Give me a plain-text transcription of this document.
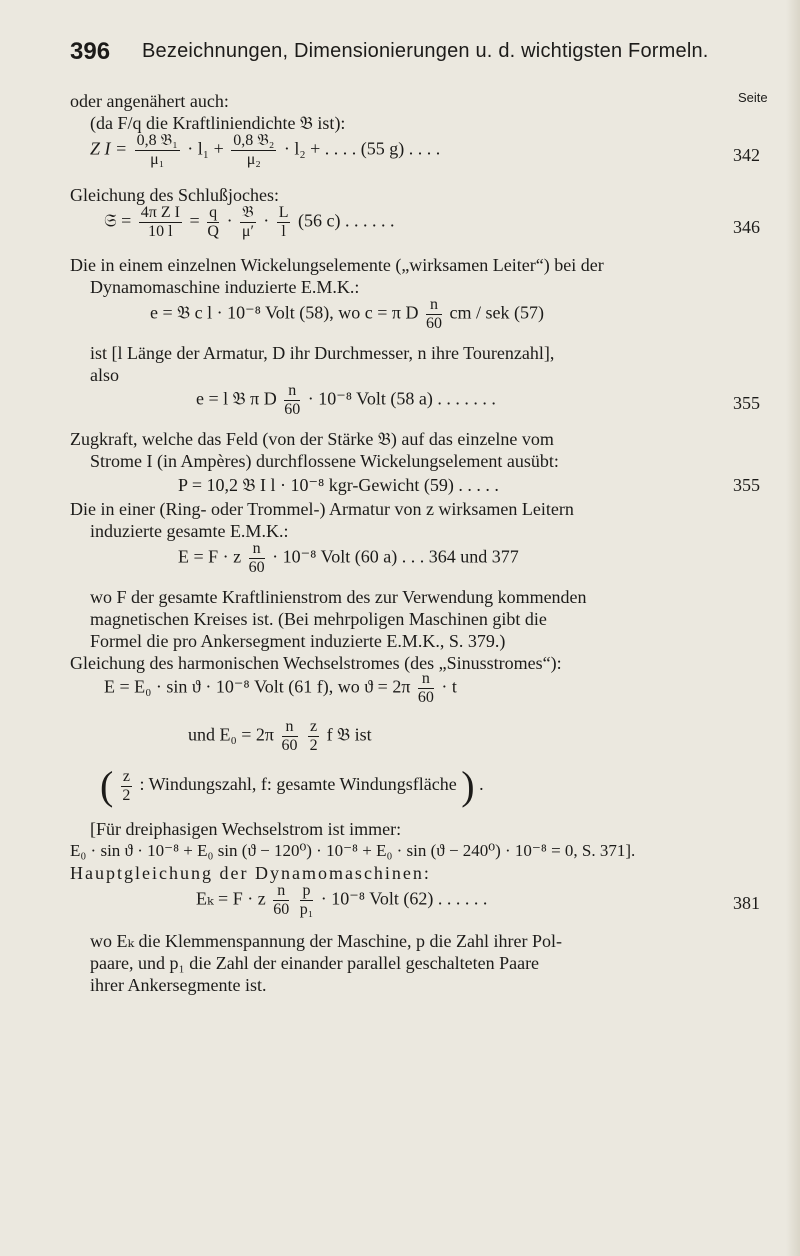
396 Bezeichnungen, Dimensionierungen u. d. wichtigsten Formeln.
Seite
oder angenähert auch:
(da F/q die Kraftliniendichte 𝔅 ist):
Z I = 0,8 𝔅₁
μ₁
· l₁ + 0,8 𝔅₂
μ₂
· l₂ + . . . . (55 g) . . . .	342
Gleichung des Schlußjoches:
𝔖 = $\frac{\text{4π Z I}}{10 l} = \frac{q}{Q}$ · 𝔅
μ′
· $\frac{L}{l} (56$ c) . . . . . .	346
Die in einem einzelnen Wickelungselemente („wirksamen Leiter“) bei der
Dynamomaschine induzierte E.M.K.:
e = 𝔅 c l · 10⁻⁸ Volt (58), wo c = π D $\frac{n}{60}$ cm / sek (57)
ist [l Länge der Armatur, D ihr Durchmesser, n ihre Tourenzahl],
also
e = l 𝔅 π D $\frac{n}{60} \cdot 10^{-8}$ Volt (58 a) . . . . . . .	355
Zugkraft, welche das Feld (von der Stärke 𝔅) auf das einzelne vom
Strome I (in Ampères) durchflossene Wickelungselement ausübt:
P = 10,2 𝔅 I l · 10⁻⁸ kgr-Gewicht (59) . . . . .	355
Die in einer (Ring- oder Trommel-) Armatur von z wirksamen Leitern
induzierte gesamte E.M.K.:
E = F · z $\frac{n}{60} \cdot 10^{-8}$ Volt (60 a) . . . 364 und 377
wo F der gesamte Kraftlinienstrom des zur Verwendung kommenden
magnetischen Kreises ist. (Bei mehrpoligen Maschinen gibt die
Formel die pro Ankersegment induzierte E.M.K., S. 379.)
Gleichung des harmonischen Wechselstromes (des „Sinusstromes“):
E = E₀ · sin ϑ · 10⁻⁸ Volt (61 f), wo $ϑ = 2\pi \frac{n}{60} \cdot t$
und $E_0 = 2\pi \frac{n}{60}$
$\frac{z}{2}$ f 𝔅 ist
( $\frac{z}{2}$ : Windungszahl, f: gesamte Windungsfläche ) .
[Für dreiphasigen Wechselstrom ist immer:
E₀ · sin ϑ · 10⁻⁸ + E₀ sin (ϑ − 120⁰) · 10⁻⁸ + E₀ · sin (ϑ − 240⁰) · 10⁻⁸ = 0, S. 371].
Hauptgleichung der Dynamomaschinen:
Eₖ = F · z $\frac{n}{60}$
$\frac{p}{\text{p₁}} \cdot 10^{-8}$ Volt (62) . . . . . .	381
wo Eₖ die Klemmenspannung der Maschine, p die Zahl ihrer Pol-
paare, und p₁ die Zahl der einander parallel geschalteten Paare
ihrer Ankersegmente ist.
